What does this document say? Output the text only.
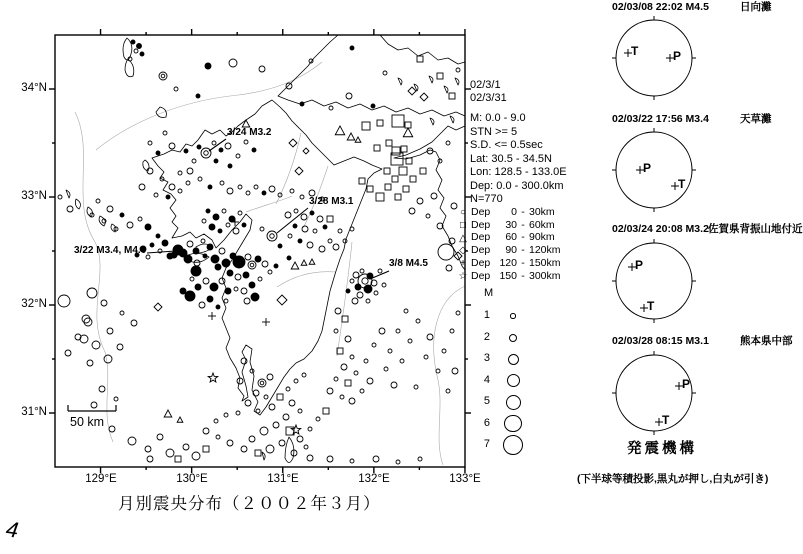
34°N
33°N
32°N
31°N
129°E	130°E	131°E	132°E	133°E
3/24 M3.2
3/28 M3.1
3/22 M3.4, M4.0
3/8 M4.5
50 km
月別震央分布（２００２年３月）
02/3/1
02/3/31
M: 0.0 - 9.0
STN >= 5
S.D. <= 0.5sec
Lat: 30.5 - 34.5N
Lon: 128.5 - 133.0E
Dep: 0.0 - 300.0km
N=770
○ Dep	0 - 30km
□ Dep	30 - 60km
△ Dep	60 - 90km
◇ Dep	90 - 120km
+ Dep 120 - 150km
☆ Dep 150 - 300km
M
1
2
3
4
5
6
7
02/03/08 22:02 M4.5	日向灘
P
T
02/03/22 17:56 M3.4	天草灘
P
T
02/03/24 20:08 M3.2 佐賀県背振山地付近
P
T
02/03/28 08:15 M3.1	熊本県中部
P
T
発震機構
(下半球等積投影,黒丸が押し,白丸が引き)
4
